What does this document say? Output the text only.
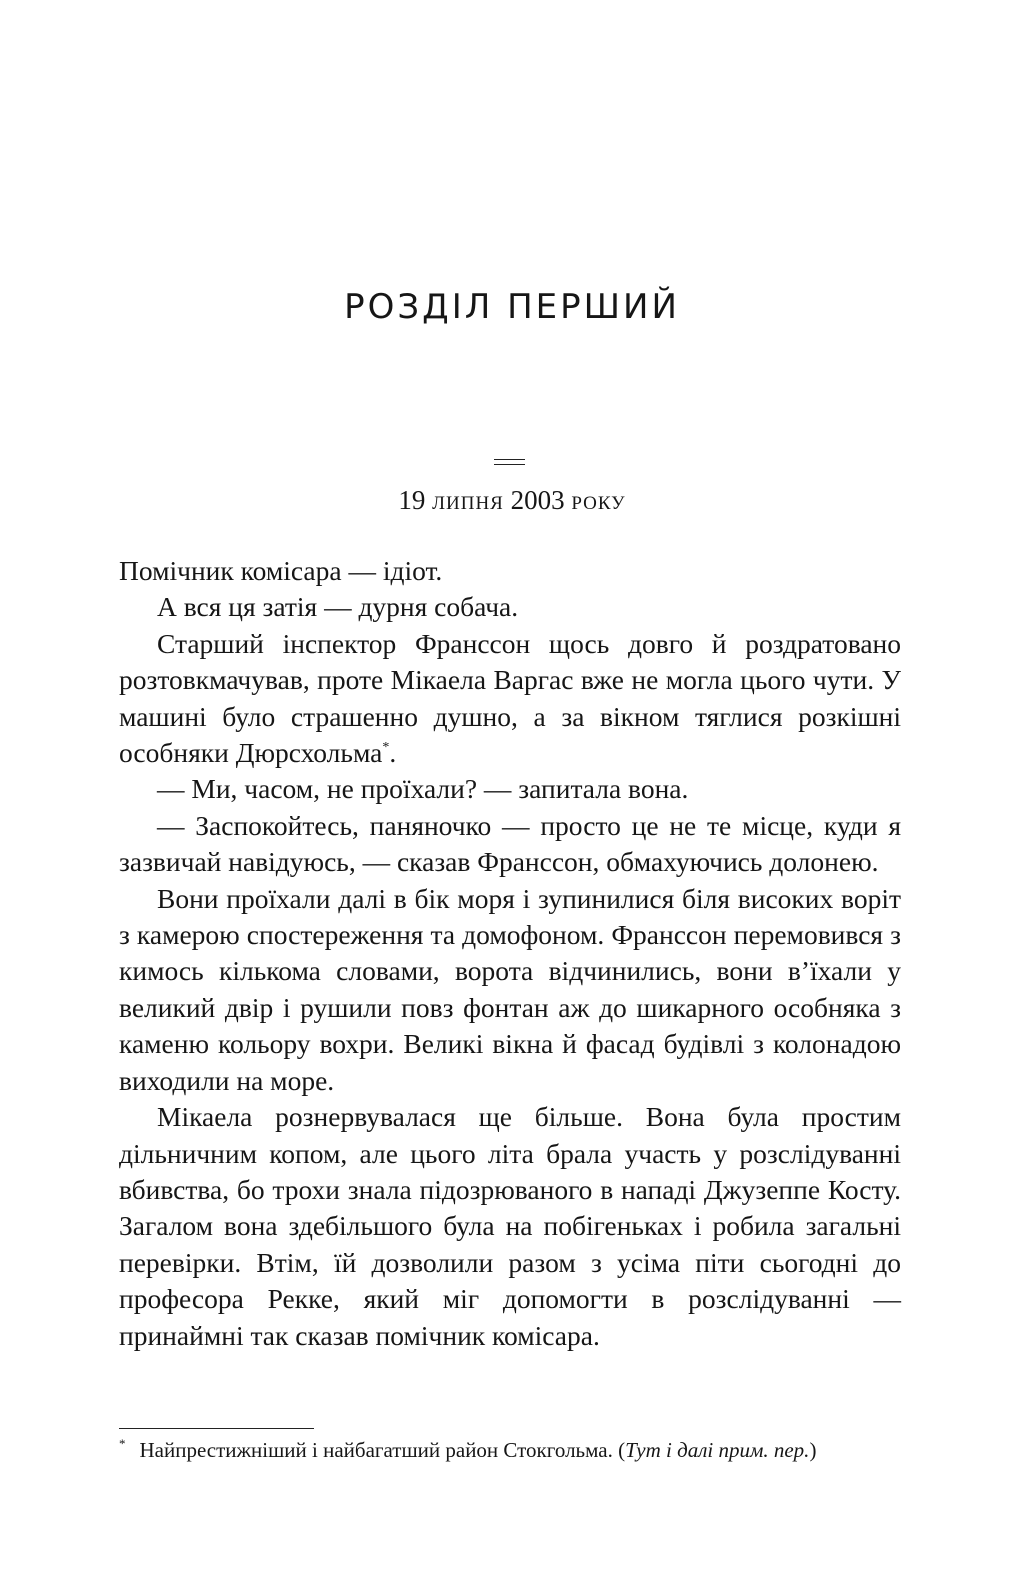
РОЗДІЛ ПЕРШИЙ
19 липня 2003 року

Помічник комісара — ідіот.

А вся ця затія — дурня собача.

Старший інспектор Франссон щось довго й роздратовано розтовкмачував, проте Мікаела Варгас вже не могла цього чути. У машині було страшенно душно, а за вікном тяглися розкішні особняки Дюрсхольма*.

— Ми, часом, не проїхали? — запитала вона.

— Заспокойтесь, паняночко — просто це не те місце, куди я зазвичай навідуюсь, — сказав Франссон, обмахуючись долонею.

Вони проїхали далі в бік моря і зупинилися біля високих воріт з камерою спостереження та домофоном. Франссон перемовився з кимось кількома словами, ворота відчинились, вони в’їхали у великий двір і рушили повз фонтан аж до шикарного особняка з каменю кольору вохри. Великі вікна й фасад будівлі з колонадою виходили на море.

Мікаела рознервувалася ще більше. Вона була простим дільничним копом, але цього літа брала участь у розслідуванні вбивства, бо трохи знала підозрюваного в нападі Джузеппе Косту. Загалом вона здебільшого була на побігеньках і робила загальні перевірки. Втім, їй дозволили разом з усіма піти сьогодні до професора Рекке, який міг допомогти в розслідуванні — принаймні так сказав помічник комісара.

* Найпрестижніший і найбагатший район Стокгольма. (Тут і далі прим. пер.)
